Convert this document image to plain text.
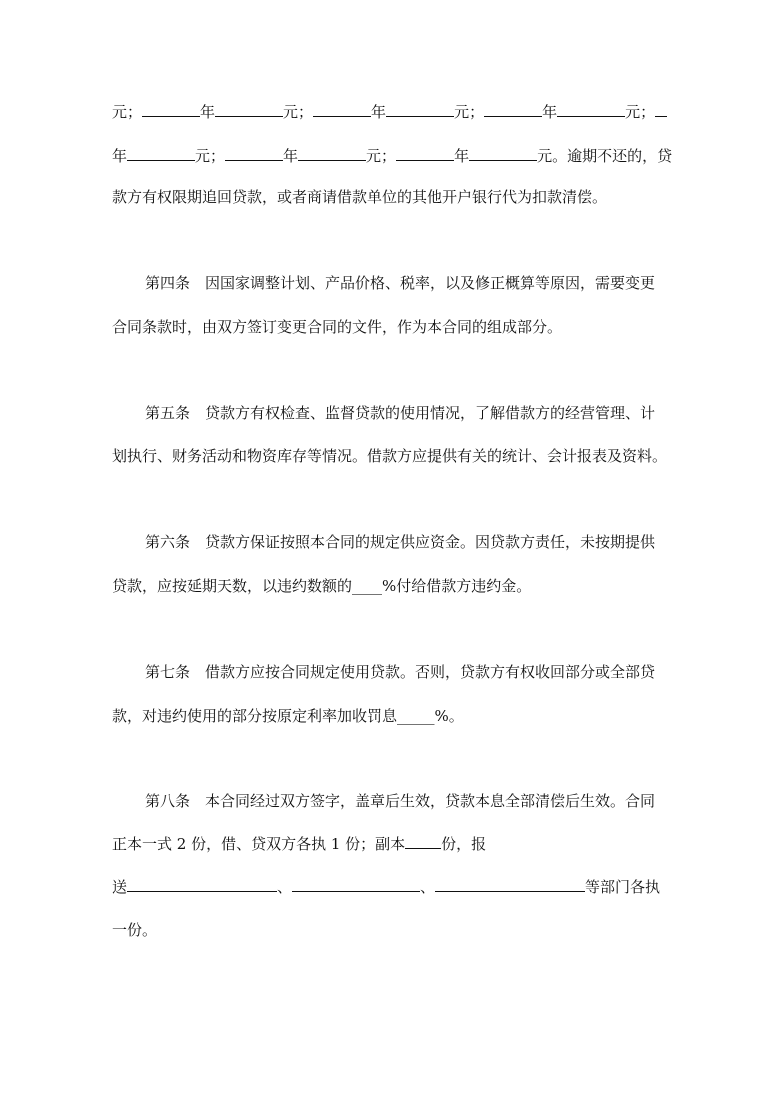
元；	年	元；	年	元；	年	元；
年	元；	年	元；	年	元。逾期不还的，贷
款方有权限期追回贷款，或者商请借款单位的其他开户银行代为扣款清偿。
第四条　因国家调整计划、产品价格、税率，以及修正概算等原因，需要变更
合同条款时，由双方签订变更合同的文件，作为本合同的组成部分。
第五条　贷款方有权检查、监督贷款的使用情况，了解借款方的经营管理、计
划执行、财务活动和物资库存等情况。借款方应提供有关的统计、会计报表及资料。
第六条　贷款方保证按照本合同的规定供应资金。因贷款方责任，未按期提供
贷款，应按延期天数，以违约数额的____%付给借款方违约金。
第七条　借款方应按合同规定使用贷款。否则，贷款方有权收回部分或全部贷
款，对违约使用的部分按原定利率加收罚息_____%。
第八条　本合同经过双方签字，盖章后生效，贷款本息全部清偿后生效。合同
正本一式 2 份，借、贷双方各执 1 份；副本 份，报
送	、	、	等部门各执
一份。
